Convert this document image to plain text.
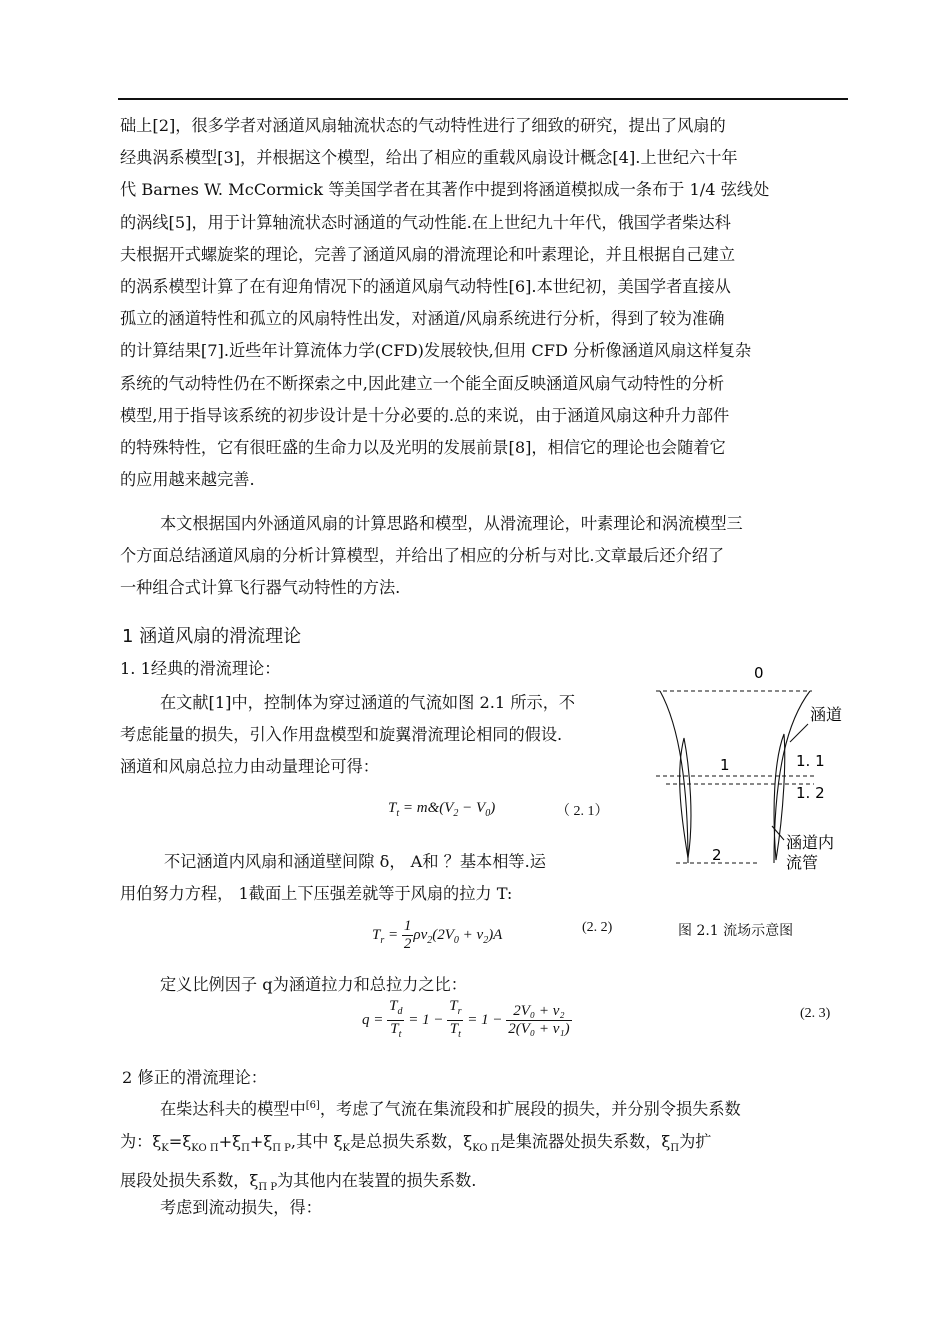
础上[2]，很多学者对涵道风扇轴流状态的气动特性进行了细致的研究，提出了风扇的
经典涡系模型[3]，并根据这个模型，给出了相应的重载风扇设计概念[4].上世纪六十年
代 Barnes W. McCormick 等美国学者在其著作中提到将涵道模拟成一条布于 1/4 弦线处
的涡线[5]，用于计算轴流状态时涵道的气动性能.在上世纪九十年代，俄国学者柴达科
夫根据开式螺旋桨的理论，完善了涵道风扇的滑流理论和叶素理论，并且根据自己建立
的涡系模型计算了在有迎角情况下的涵道风扇气动特性[6].本世纪初，美国学者直接从
孤立的涵道特性和孤立的风扇特性出发，对涵道/风扇系统进行分析，得到了较为准确
的计算结果[7].近些年计算流体力学(CFD)发展较快,但用 CFD 分析像涵道风扇这样复杂
系统的气动特性仍在不断探索之中,因此建立一个能全面反映涵道风扇气动特性的分析
模型,用于指导该系统的初步设计是十分必要的.总的来说，由于涵道风扇这种升力部件
的特殊特性，它有很旺盛的生命力以及光明的发展前景[8]，相信它的理论也会随着它
的应用越来越完善.
本文根据国内外涵道风扇的计算思路和模型，从滑流理论，叶素理论和涡流模型三
个方面总结涵道风扇的分析计算模型，并给出了相应的分析与对比.文章最后还介绍了
一种组合式计算飞行器气动特性的方法.
1 涵道风扇的滑流理论
1. 1经典的滑流理论：
在文献[1]中，控制体为穿过涵道的气流如图 2.1 所示，不
考虑能量的损失，引入作用盘模型和旋翼滑流理论相同的假设.
涵道和风扇总拉力由动量理论可得：
$T_t$ = $m\&(V_2 - V_0)$	（ 2. 1）
不记涵道内风扇和涵道壁间隙 δ， A和 ？基本相等.运
用伯努力方程， 1截面上下压强差就等于风扇的拉力 T:
$T_r = \frac{1}{2} \rho v_2(2V_0 + v_2)A$	(2. 2)	图 2.1 流场示意图
0
涵道
1	1. 1
1. 2
涵道内
流管
2
定义比例因子 q为涵道拉力和总拉力之比：
$q = \frac{T_d}{T_t} = 1 - \frac{T_r}{T_t} = 1 - \frac{\text{2V₀ + v₂}}{\text{2(V₀ + v₁)}}$	(2. 3)
2 修正的滑流理论：
在柴达科夫的模型中[6]，考虑了气流在集流段和扩展段的损失，并分别令损失系数
为：$\xi_K=\xi_{KO П}+\xi_П+\xi_{П Р}$,其中 $\xi_K$是总损失系数，$\xi_{KO П}$是集流器处损失系数，$\xi_П$为扩
展段处损失系数，$\xi_{П Р}$为其他内在装置的损失系数.
考虑到流动损失，得：
